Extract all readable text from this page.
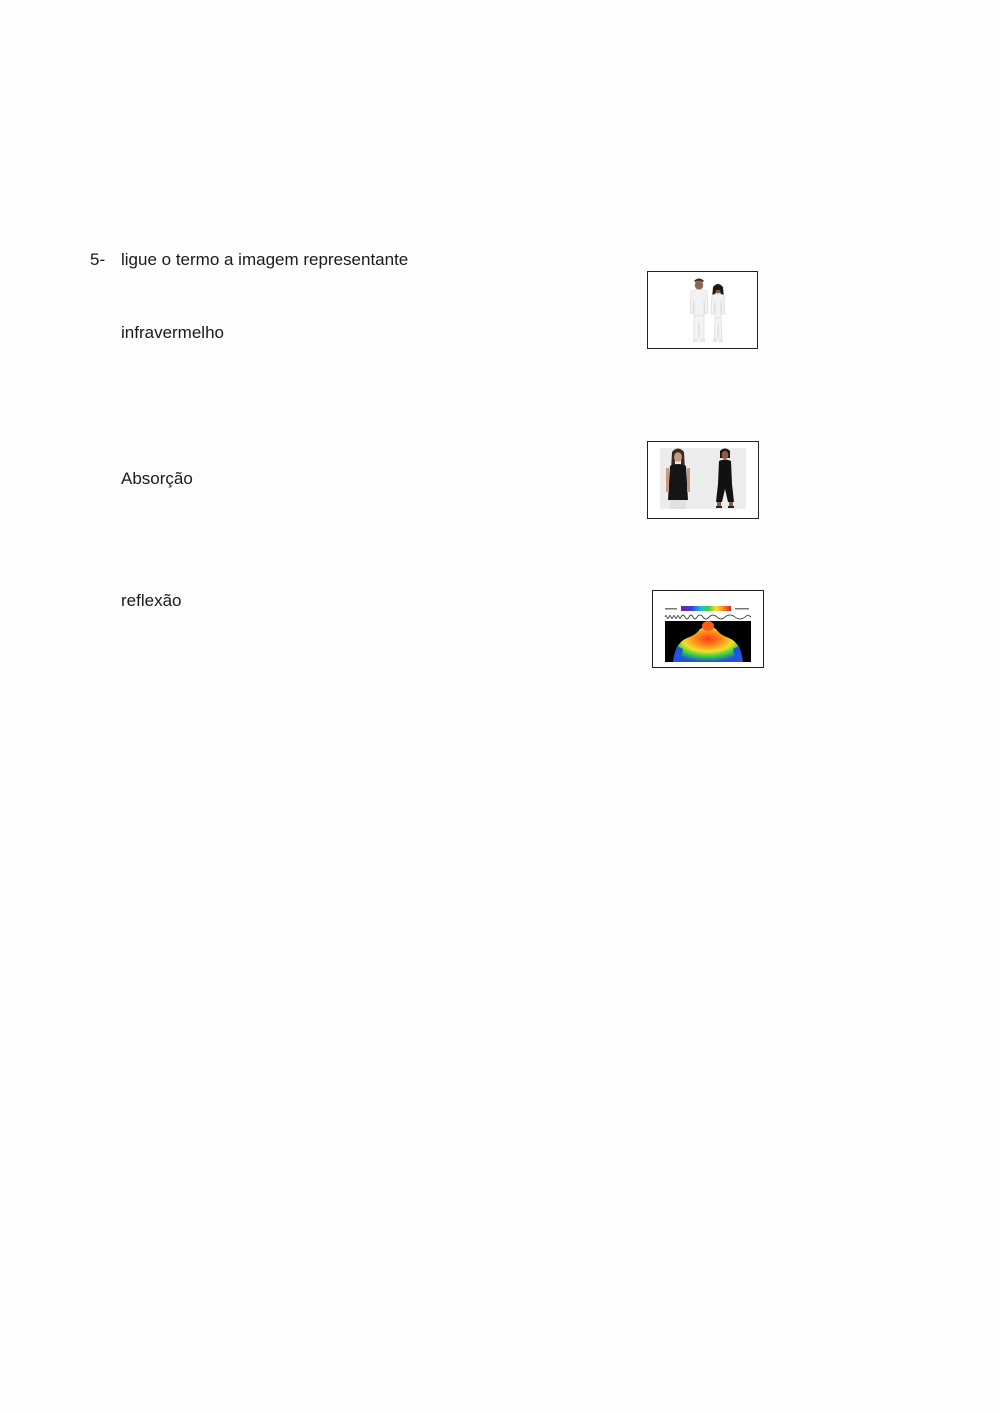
5- ligue o termo a imagem representante
infravermelho
Absorção
reflexão
